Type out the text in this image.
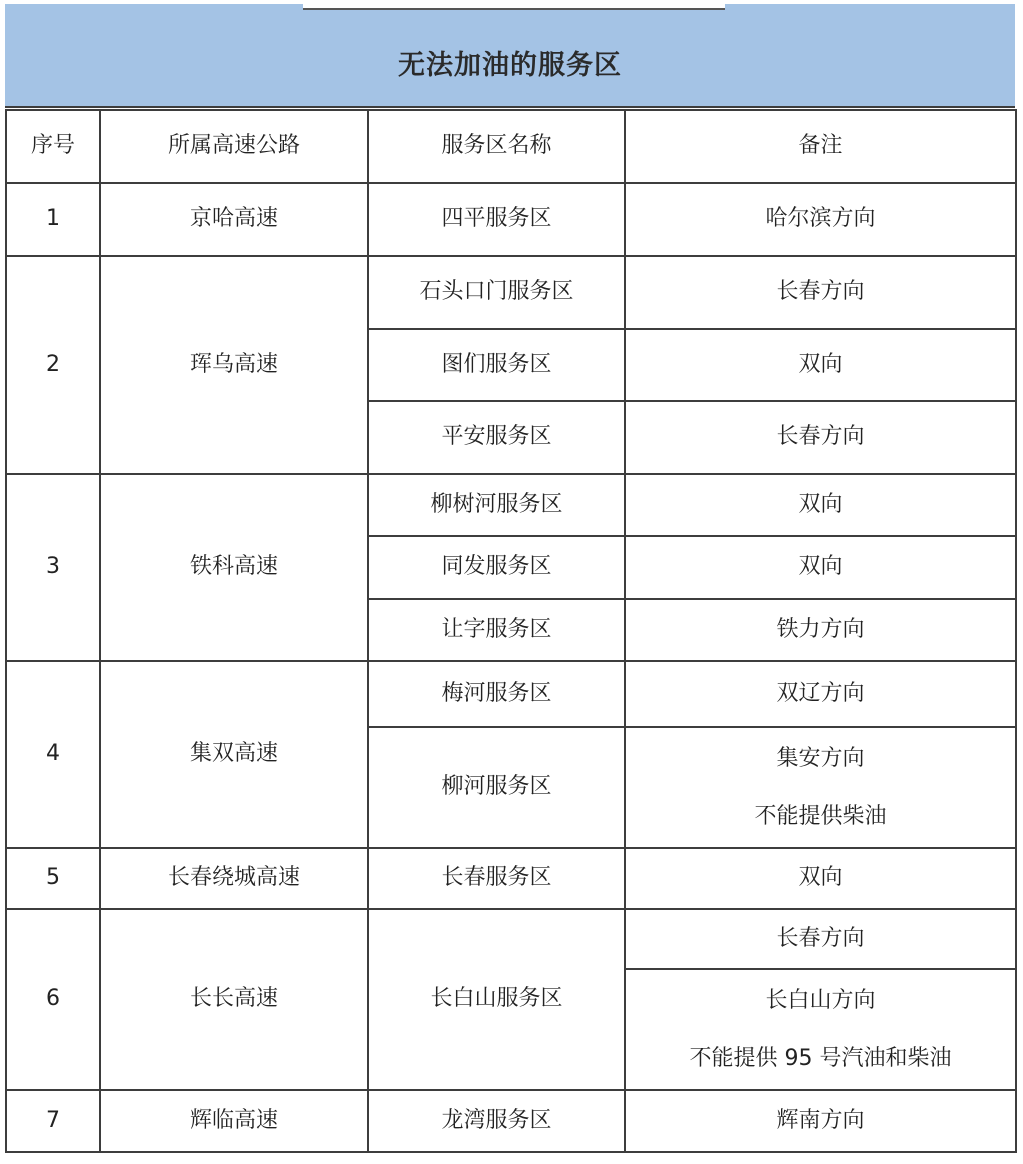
无法加油的服务区
序号	所属高速公路	服务区名称	备注
1	京哈高速	四平服务区	哈尔滨方向

2	珲乌高速	石头口门服务区	长春方向

		图们服务区	双向

		平安服务区	长春方向

3	铁科高速	柳树河服务区	双向

		同发服务区	双向

		让字服务区	铁力方向

4	集双高速	梅河服务区	双辽方向

		柳河服务区	集安方向
不能提供柴油

5	长春绕城高速	长春服务区	双向

6	长长高速	长白山服务区	长春方向

			长白山方向
不能提供 95 号汽油和柴油

7	辉临高速	龙湾服务区	辉南方向
